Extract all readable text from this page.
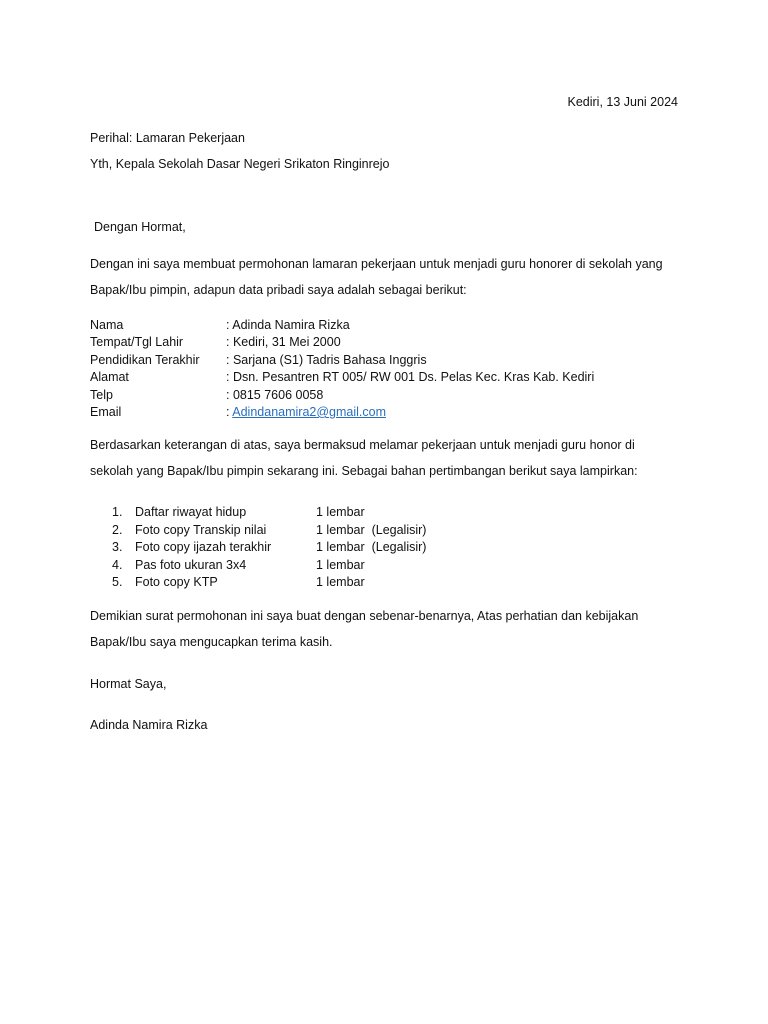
Kediri, 13 Juni 2024
Perihal: Lamaran Pekerjaan
Yth, Kepala Sekolah Dasar Negeri Srikaton Ringinrejo
Dengan Hormat,
Dengan ini saya membuat permohonan lamaran pekerjaan untuk menjadi guru honorer di sekolah yang
Bapak/Ibu pimpin, adapun data pribadi saya adalah sebagai berikut:
Nama	: Adinda Namira Rizka
Tempat/Tgl Lahir	: Kediri, 31 Mei 2000
Pendidikan Terakhir : Sarjana (S1) Tadris Bahasa Inggris
Alamat	: Dsn. Pesantren RT 005/ RW 001 Ds. Pelas Kec. Kras Kab. Kediri
Telp	: 0815 7606 0058
Email	: Adindanamira2@gmail.com
Berdasarkan keterangan di atas, saya bermaksud melamar pekerjaan untuk menjadi guru honor di
sekolah yang Bapak/Ibu pimpin sekarang ini. Sebagai bahan pertimbangan berikut saya lampirkan:
1. Daftar riwayat hidup	1 lembar
2. Foto copy Transkip nilai	1 lembar  (Legalisir)
3. Foto copy ijazah terakhir	1 lembar  (Legalisir)
4. Pas foto ukuran 3x4	1 lembar
5. Foto copy KTP	1 lembar
Demikian surat permohonan ini saya buat dengan sebenar-benarnya, Atas perhatian dan kebijakan
Bapak/Ibu saya mengucapkan terima kasih.
Hormat Saya,
Adinda Namira Rizka
